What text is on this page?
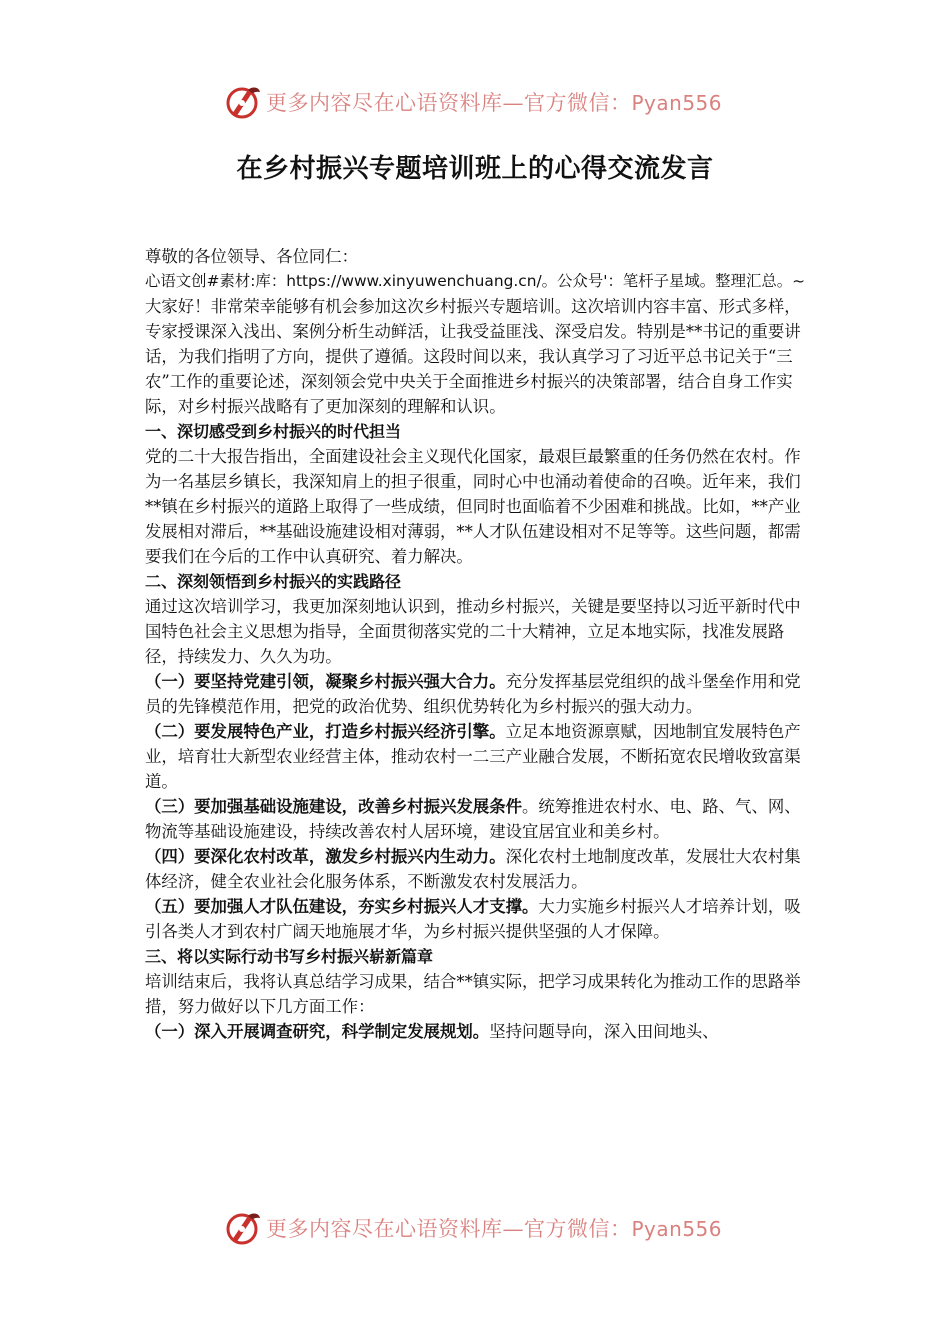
更多内容尽在心语资料库—官方微信：Pyan556
在乡村振兴专题培训班上的心得交流发言

尊敬的各位领导、各位同仁：

心语文创#素材:库：https://www.xinyuwenchuang.cn/。公众号'：笔杆子星域。整理汇总。~

大家好！非常荣幸能够有机会参加这次乡村振兴专题培训。这次培训内容丰富、形式多样，专家授课深入浅出、案例分析生动鲜活，让我受益匪浅、深受启发。特别是**书记的重要讲话，为我们指明了方向，提供了遵循。这段时间以来，我认真学习了习近平总书记关于“三农”工作的重要论述，深刻领会党中央关于全面推进乡村振兴的决策部署，结合自身工作实际，对乡村振兴战略有了更加深刻的理解和认识。

一、深切感受到乡村振兴的时代担当

党的二十大报告指出，全面建设社会主义现代化国家，最艰巨最繁重的任务仍然在农村。作为一名基层乡镇长，我深知肩上的担子很重，同时心中也涌动着使命的召唤。近年来，我们**镇在乡村振兴的道路上取得了一些成绩，但同时也面临着不少困难和挑战。比如，**产业发展相对滞后，**基础设施建设相对薄弱，**人才队伍建设相对不足等等。这些问题，都需要我们在今后的工作中认真研究、着力解决。

二、深刻领悟到乡村振兴的实践路径

通过这次培训学习，我更加深刻地认识到，推动乡村振兴，关键是要坚持以习近平新时代中国特色社会主义思想为指导，全面贯彻落实党的二十大精神，立足本地实际，找准发展路径，持续发力、久久为功。

（一）要坚持党建引领，凝聚乡村振兴强大合力。充分发挥基层党组织的战斗堡垒作用和党员的先锋模范作用，把党的政治优势、组织优势转化为乡村振兴的强大动力。

（二）要发展特色产业，打造乡村振兴经济引擎。立足本地资源禀赋，因地制宜发展特色产业，培育壮大新型农业经营主体，推动农村一二三产业融合发展，不断拓宽农民增收致富渠道。

（三）要加强基础设施建设，改善乡村振兴发展条件。统筹推进农村水、电、路、气、网、物流等基础设施建设，持续改善农村人居环境，建设宜居宜业和美乡村。

（四）要深化农村改革，激发乡村振兴内生动力。深化农村土地制度改革，发展壮大农村集体经济，健全农业社会化服务体系，不断激发农村发展活力。

（五）要加强人才队伍建设，夯实乡村振兴人才支撑。大力实施乡村振兴人才培养计划，吸引各类人才到农村广阔天地施展才华，为乡村振兴提供坚强的人才保障。

三、将以实际行动书写乡村振兴崭新篇章

培训结束后，我将认真总结学习成果，结合**镇实际，把学习成果转化为推动工作的思路举措，努力做好以下几方面工作：

（一）深入开展调查研究，科学制定发展规划。坚持问题导向，深入田间地头、

更多内容尽在心语资料库—官方微信：Pyan556
